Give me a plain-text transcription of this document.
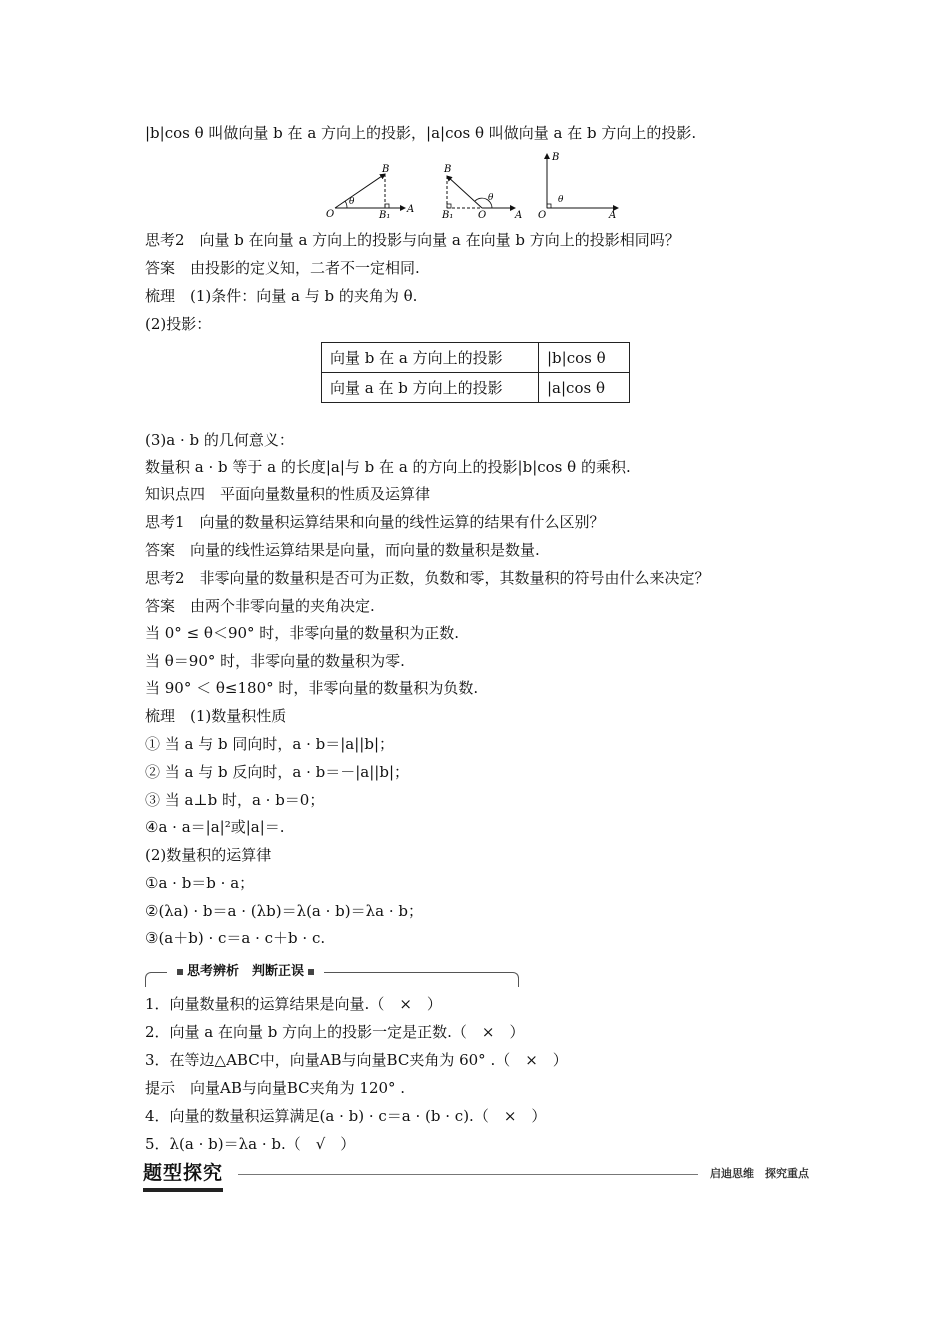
|b|cos θ 叫做向量 b 在 a 方向上的投影，|a|cos θ 叫做向量 a 在 b 方向上的投影.
B
O
θ
B₁
A
B
θ
B₁ O	A
B
θ
O	A
思考2　向量 b 在向量 a 方向上的投影与向量 a 在向量 b 方向上的投影相同吗？
答案　由投影的定义知，二者不一定相同.
梳理　(1)条件：向量 a 与 b 的夹角为 θ.
(2)投影：
向量 b 在 a 方向上的投影	|b|cos θ
向量 a 在 b 方向上的投影	|a|cos θ
(3)a · b 的几何意义：
数量积 a · b 等于 a 的长度|a|与 b 在 a 的方向上的投影|b|cos θ 的乘积.
知识点四　平面向量数量积的性质及运算律
思考1　向量的数量积运算结果和向量的线性运算的结果有什么区别？
答案　向量的线性运算结果是向量，而向量的数量积是数量.
思考2　非零向量的数量积是否可为正数，负数和零，其数量积的符号由什么来决定？
答案　由两个非零向量的夹角决定.
当 0° ≤ θ＜90° 时，非零向量的数量积为正数.
当 θ＝90° 时，非零向量的数量积为零.
当 90° ＜ θ≤180° 时，非零向量的数量积为负数.
梳理　(1)数量积性质
① 当 a 与 b 同向时，a · b＝|a||b|；
② 当 a 与 b 反向时，a · b＝－|a||b|；
③ 当 a⊥b 时，a · b＝0；
④a · a＝|a|²或|a|＝.
(2)数量积的运算律
①a · b＝b · a；
②(λa) · b＝a · (λb)＝λ(a · b)＝λa · b；
③(a＋b) · c＝a · c＋b · c.
思考辨析　判断正误
1．向量数量积的运算结果是向量.（　×　）
2．向量 a 在向量 b 方向上的投影一定是正数.（　×　）
3．在等边△ABC中，向量AB与向量BC夹角为 60° .（　×　）
提示　向量AB与向量BC夹角为 120° .
4．向量的数量积运算满足(a · b) · c＝a · (b · c).（　×　）
5．λ(a · b)＝λa · b.（　√　）
题型探究	启迪思维　探究重点
